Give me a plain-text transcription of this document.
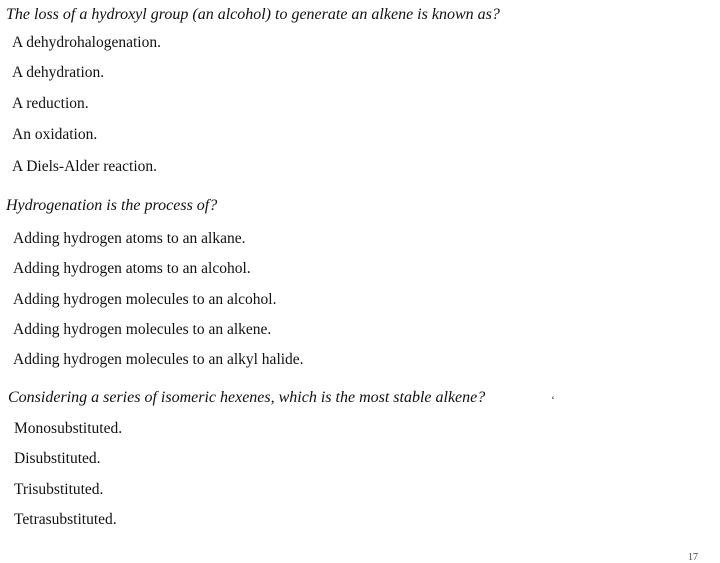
The loss of a hydroxyl group (an alcohol) to generate an alkene is known as?
A dehydrohalogenation.
A dehydration.
A reduction.
An oxidation.
A Diels-Alder reaction.
Hydrogenation is the process of?
Adding hydrogen atoms to an alkane.
Adding hydrogen atoms to an alcohol.
Adding hydrogen molecules to an alcohol.
Adding hydrogen molecules to an alkene.
Adding hydrogen molecules to an alkyl halide.
Considering a series of isomeric hexenes, which is the most stable alkene?
Monosubstituted.
Disubstituted.
Trisubstituted.
Tetrasubstituted.
‘
17
